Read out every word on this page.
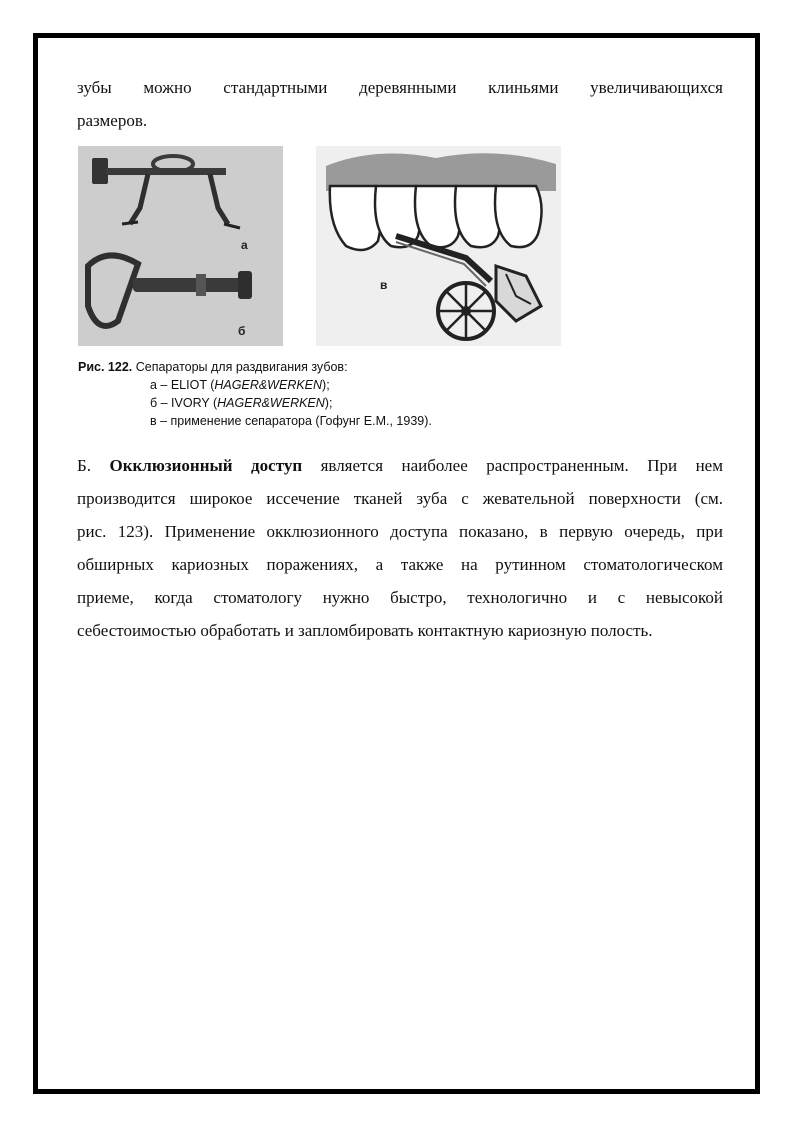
зубы можно стандартными деревянными клиньями увеличивающихся
размеров.
а
б
в
Рис. 122. Сепараторы для раздвигания зубов:
а – ELIOT (HAGER&WERKEN);
б – IVORY (HAGER&WERKEN);
в – применение сепаратора (Гофунг Е.М., 1939).
Б. Окклюзионный доступ является наиболее распространенным. При нем
производится широкое иссечение тканей зуба с жевательной поверхности (см.
рис. 123). Применение окклюзионного доступа показано, в первую очередь, при
обширных кариозных поражениях, а также на рутинном стоматологическом
приеме, когда стоматологу нужно быстро, технологично и с невысокой
себестоимостью обработать и запломбировать контактную кариозную полость.
